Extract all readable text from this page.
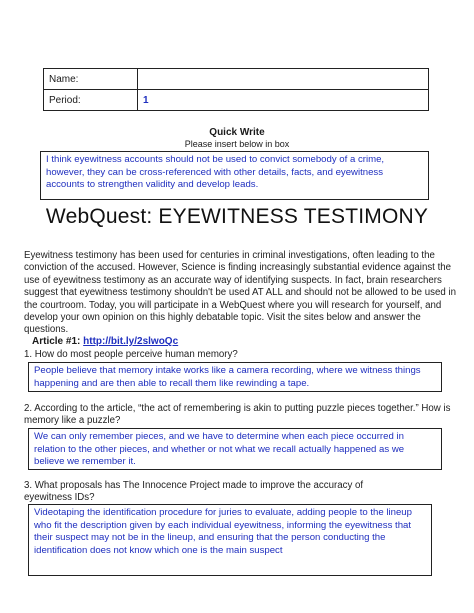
Name:	
Period:	1
Quick Write
Please insert below in box
I think eyewitness accounts should not be used to convict somebody of a crime, however, they can be cross-referenced with other details, facts, and eyewitness accounts to strengthen validity and develop leads.
WebQuest: EYEWITNESS TESTIMONY
Eyewitness testimony has been used for centuries in criminal investigations, often leading to the conviction of the accused. However, Science is finding increasingly substantial evidence against the use of eyewitness testimony as an accurate way of identifying suspects. In fact, brain researchers suggest that eyewitness testimony shouldn't be used AT ALL and should not be allowed to be used in the courtroom. Today, you will participate in a WebQuest where you will research for yourself, and develop your own opinion on this highly debatable topic. Visit the sites below and answer the questions.
Article #1: http://bit.ly/2slwoQc
1. How do most people perceive human memory?
People believe that memory intake works like a camera recording, where we witness things happening and are then able to recall them like rewinding a tape.
2. According to the article, “the act of remembering is akin to putting puzzle pieces together.” How is memory like a puzzle?
We can only remember pieces, and we have to determine when each piece occurred in relation to the other pieces, and whether or not what we recall actually happened as we believe we remember it.
3. What proposals has The Innocence Project made to improve the accuracy of eyewitness IDs?
Videotaping the identification procedure for juries to evaluate, adding people to the lineup who fit the description given by each individual eyewitness, informing the eyewitness that their suspect may not be in the lineup, and ensuring that the person conducting the identification does not know which one is the main suspect
